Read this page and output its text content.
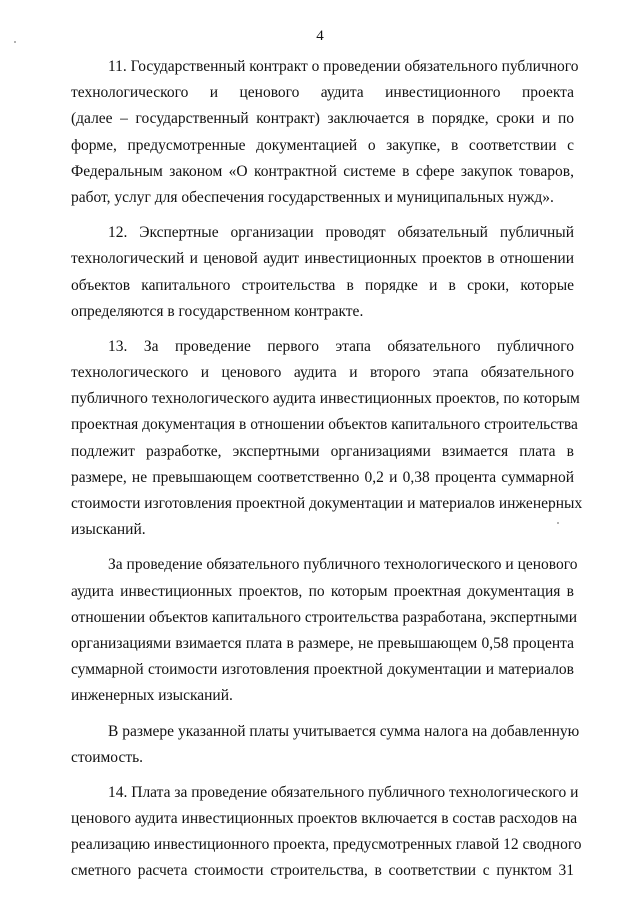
4
11. Государственный контракт о проведении обязательного публичного
технологического и ценового аудита инвестиционного проекта
(далее – государственный контракт) заключается в порядке, сроки и по
форме, предусмотренные документацией о закупке, в соответствии с
Федеральным законом «О контрактной системе в сфере закупок товаров,
работ, услуг для обеспечения государственных и муниципальных нужд».
12. Экспертные организации проводят обязательный публичный
технологический и ценовой аудит инвестиционных проектов в отношении
объектов капитального строительства в порядке и в сроки, которые
определяются в государственном контракте.
13. За проведение первого этапа обязательного публичного
технологического и ценового аудита и второго этапа обязательного
публичного технологического аудита инвестиционных проектов, по которым
проектная документация в отношении объектов капитального строительства
подлежит разработке, экспертными организациями взимается плата в
размере, не превышающем соответственно 0,2 и 0,38 процента суммарной
стоимости изготовления проектной документации и материалов инженерных
изысканий.
За проведение обязательного публичного технологического и ценового
аудита инвестиционных проектов, по которым проектная документация в
отношении объектов капитального строительства разработана, экспертными
организациями взимается плата в размере, не превышающем 0,58 процента
суммарной стоимости изготовления проектной документации и материалов
инженерных изысканий.
В размере указанной платы учитывается сумма налога на добавленную
стоимость.
14. Плата за проведение обязательного публичного технологического и
ценового аудита инвестиционных проектов включается в состав расходов на
реализацию инвестиционного проекта, предусмотренных главой 12 сводного
сметного расчета стоимости строительства, в соответствии с пунктом 31
